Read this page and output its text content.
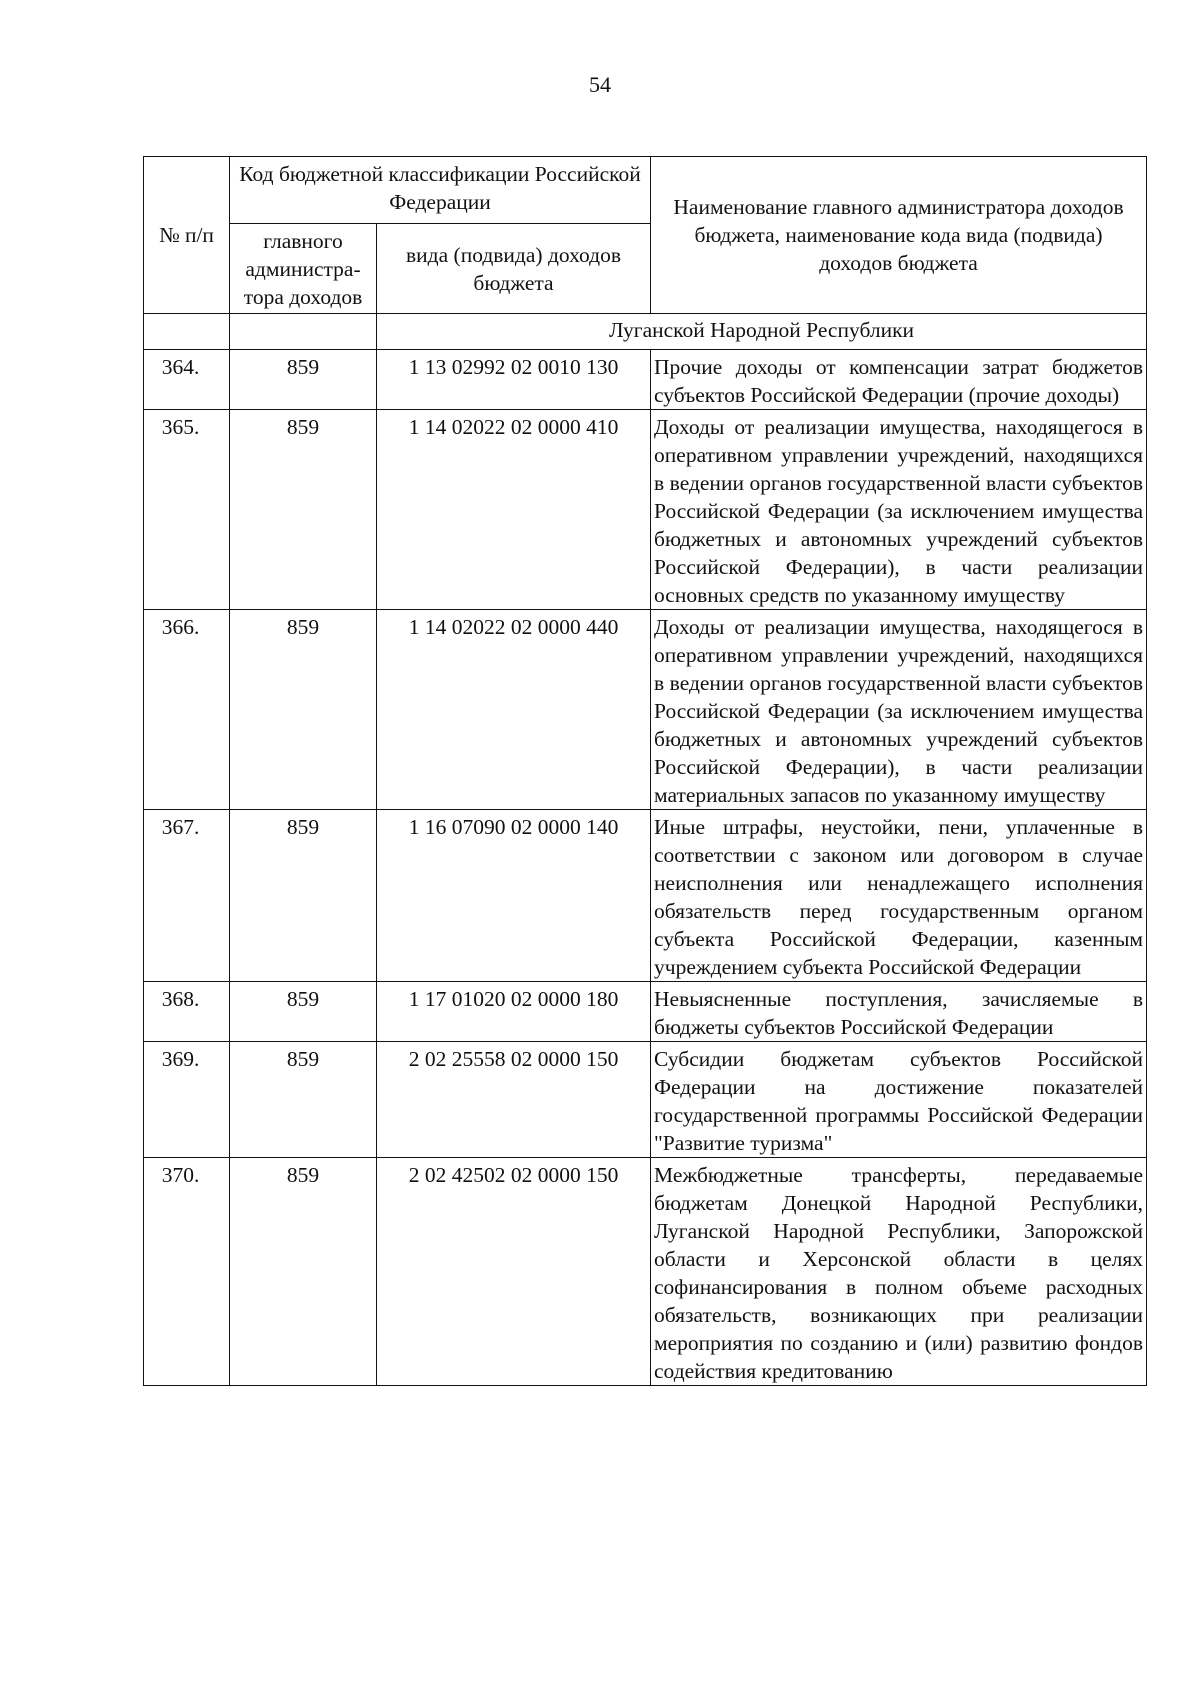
54
№ п/п	Код бюджетной классификации Российской Федерации		Наименование главного администратора доходов бюджета, наименование кода вида (подвида) доходов бюджета
	главного администра-тора доходов	вида (подвида) доходов бюджета	
		Луганской Народной Республики	
364.	859	1 13 02992 02 0010 130	Прочие доходы от компенсации затрат бюджетов субъектов Российской Федерации (прочие доходы)
365.	859	1 14 02022 02 0000 410	Доходы от реализации имущества, находящегося в оперативном управлении учреждений, находящихся в ведении органов государственной власти субъектов Российской Федерации (за исключением имущества бюджетных и автономных учреждений субъектов Российской Федерации), в части реализации основных средств по указанному имуществу
366.	859	1 14 02022 02 0000 440	Доходы от реализации имущества, находящегося в оперативном управлении учреждений, находящихся в ведении органов государственной власти субъектов Российской Федерации (за исключением имущества бюджетных и автономных учреждений субъектов Российской Федерации), в части реализации материальных запасов по указанному имуществу
367.	859	1 16 07090 02 0000 140	Иные штрафы, неустойки, пени, уплаченные в соответствии с законом или договором в случае неисполнения или ненадлежащего исполнения обязательств перед государственным органом субъекта Российской Федерации, казенным учреждением субъекта Российской Федерации
368.	859	1 17 01020 02 0000 180	Невыясненные поступления, зачисляемые в бюджеты субъектов Российской Федерации
369.	859	2 02 25558 02 0000 150	Субсидии бюджетам субъектов Российской Федерации на достижение показателей государственной программы Российской Федерации "Развитие туризма"
370.	859	2 02 42502 02 0000 150	Межбюджетные трансферты, передаваемые бюджетам Донецкой Народной Республики, Луганской Народной Республики, Запорожской области и Херсонской области в целях софинансирования в полном объеме расходных обязательств, возникающих при реализации мероприятия по созданию и (или) развитию фондов содействия кредитованию
